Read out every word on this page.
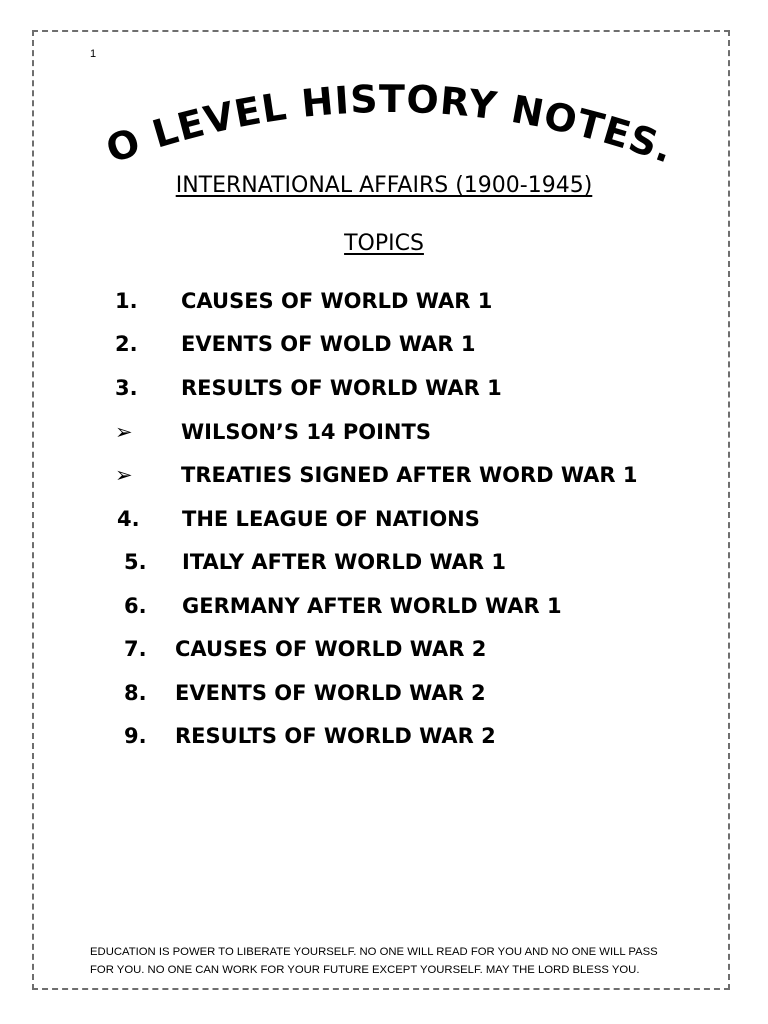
1
O LEVEL HISTORY NOTES.
INTERNATIONAL AFFAIRS (1900-1945)
TOPICS
1. CAUSES OF WORLD WAR 1
2. EVENTS OF WOLD WAR 1
3. RESULTS OF WORLD WAR 1
➢ WILSON’S 14 POINTS
➢ TREATIES SIGNED AFTER WORD WAR 1
4. THE LEAGUE OF NATIONS
5. ITALY AFTER WORLD WAR 1
6. GERMANY AFTER WORLD WAR 1
7. CAUSES OF WORLD WAR 2
8. EVENTS OF WORLD WAR 2
9. RESULTS OF WORLD WAR 2
EDUCATION IS POWER TO LIBERATE YOURSELF. NO ONE WILL READ FOR YOU AND NO ONE WILL PASS
FOR YOU. NO ONE CAN WORK FOR YOUR FUTURE EXCEPT YOURSELF. MAY THE LORD BLESS YOU.
